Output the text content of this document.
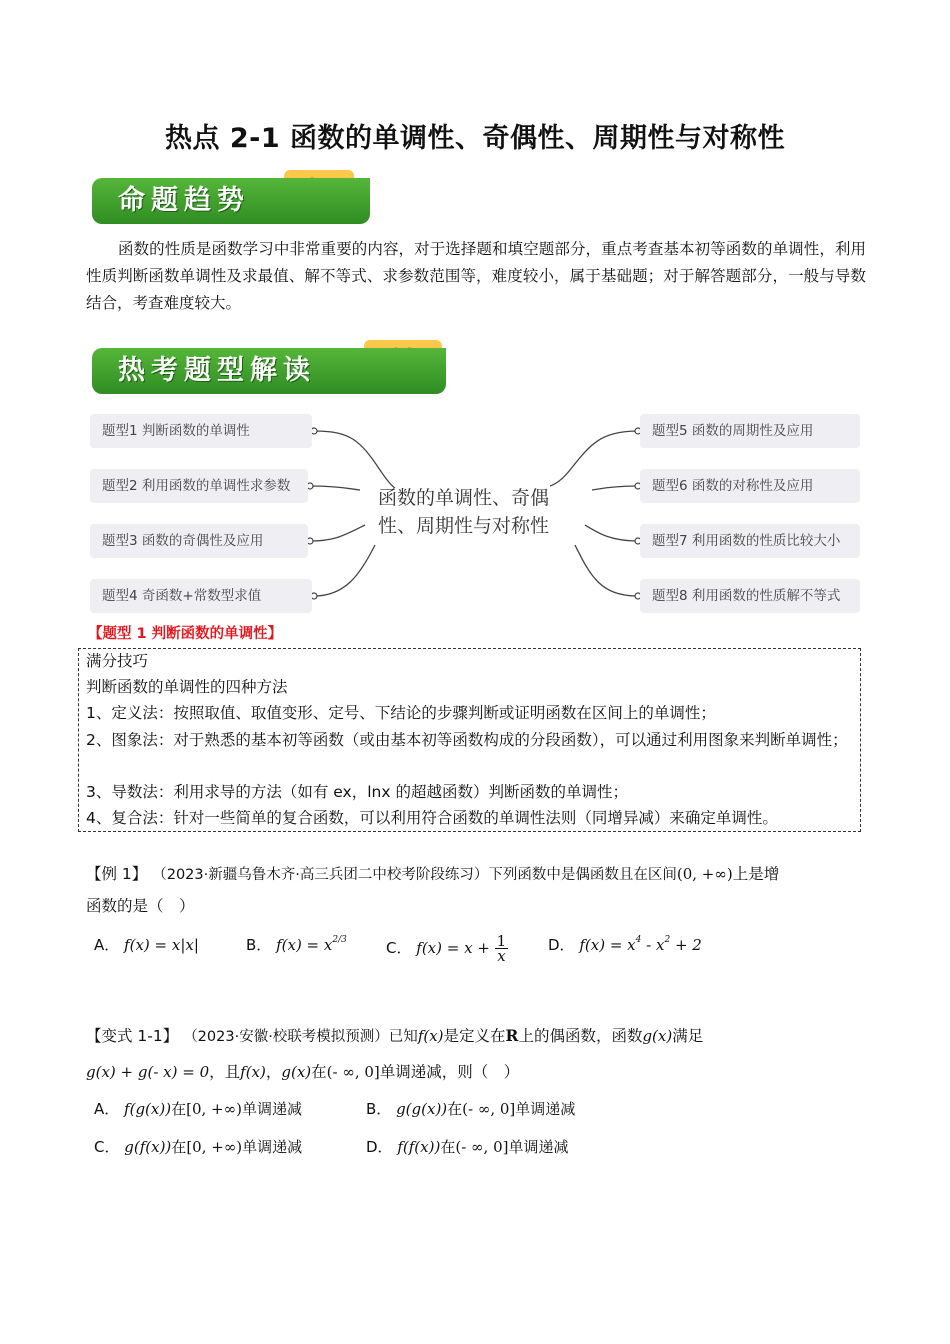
热点 2-1 函数的单调性、奇偶性、周期性与对称性
命题趋势
函数的性质是函数学习中非常重要的内容，对于选择题和填空题部分，重点考查基本初等函数的单调性，利用性质判断函数单调性及求最值、解不等式、求参数范围等，难度较小，属于基础题；对于解答题部分，一般与导数结合，考查难度较大。
热考题型解读
题型1 判断函数的单调性
题型2 利用函数的单调性求参数
题型3 函数的奇偶性及应用
题型4 奇函数+常数型求值
题型5 函数的周期性及应用
题型6 函数的对称性及应用
题型7 利用函数的性质比较大小
题型8 利用函数的性质解不等式
函数的单调性、奇偶性、周期性与对称性
【题型 1 判断函数的单调性】
满分技巧
判断函数的单调性的四种方法
1、定义法：按照取值、取值变形、定号、下结论的步骤判断或证明函数在区间上的单调性；
2、图象法：对于熟悉的基本初等函数（或由基本初等函数构成的分段函数），可以通过利用图象来判断单调性；
3、导数法：利用求导的方法（如有 ex，lnx 的超越函数）判断函数的单调性；
4、复合法：针对一些简单的复合函数，可以利用符合函数的单调性法则（同增异减）来确定单调性。
【例 1】 （2023·新疆乌鲁木齐·高三兵团二中校考阶段练习）下列函数中是偶函数且在区间(0, +∞)上是增
函数的是（　）
A． f(x) = x|x|	B． $f(x) = x^{2/3}$	C． $f(x) = x + \frac{1}{x}$	D． $f(x) = x^4 - x^2 + 2$
【变式 1-1】 （2023·安徽·校联考模拟预测）已知f(x)是定义在R上的偶函数，函数g(x)满足
g(x) + g(- x) = 0，且f(x)，g(x)在(- ∞, 0]单调递减，则（　）
A． f(g(x))在[0, +∞)单调递减	B． g(g(x))在(- ∞, 0]单调递减
C． g(f(x))在[0, +∞)单调递减	D． f(f(x))在(- ∞, 0]单调递减
